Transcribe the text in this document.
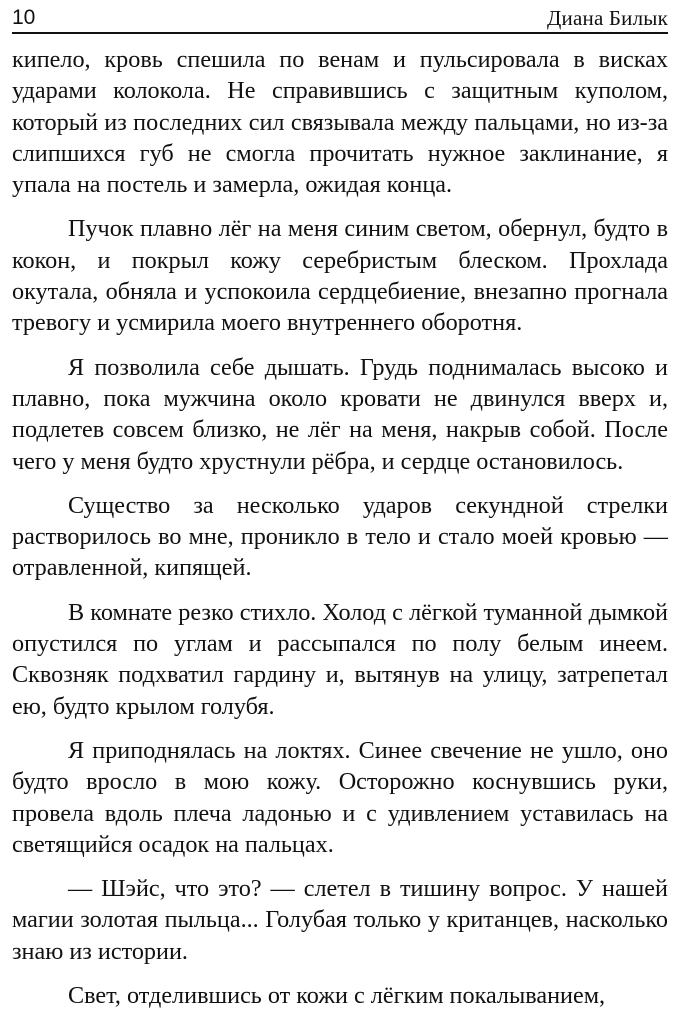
10	Диана Билык

кипело, кровь спешила по венам и пульсировала в висках ударами колокола. Не справившись с защитным куполом, который из последних сил связывала между пальцами, но из-за слипшихся губ не смогла прочитать нужное заклинание, я упала на постель и замерла, ожидая конца.

Пучок плавно лёг на меня синим светом, обернул, будто в кокон, и покрыл кожу серебристым блеском. Прохлада окутала, обняла и успокоила сердцебиение, внезапно прогнала тревогу и усмирила моего внутреннего оборотня.

Я позволила себе дышать. Грудь поднималась высоко и плавно, пока мужчина около кровати не двинулся вверх и, подлетев совсем близко, не лёг на меня, накрыв собой. После чего у меня будто хрустнули рёбра, и сердце остановилось.

Существо за несколько ударов секундной стрелки растворилось во мне, проникло в тело и стало моей кровью — отравленной, кипящей.

В комнате резко стихло. Холод с лёгкой туманной дымкой опустился по углам и рассыпался по полу белым инеем. Сквозняк подхватил гардину и, вытянув на улицу, затрепетал ею, будто крылом голубя.

Я приподнялась на локтях. Синее свечение не ушло, оно будто вросло в мою кожу. Осторожно коснувшись руки, провела вдоль плеча ладонью и с удивлением уставилась на светящийся осадок на пальцах.

— Шэйс, что это? — слетел в тишину вопрос. У нашей магии золотая пыльца... Голубая только у кританцев, насколько знаю из истории.

Свет, отделившись от кожи с лёгким покалыванием,
